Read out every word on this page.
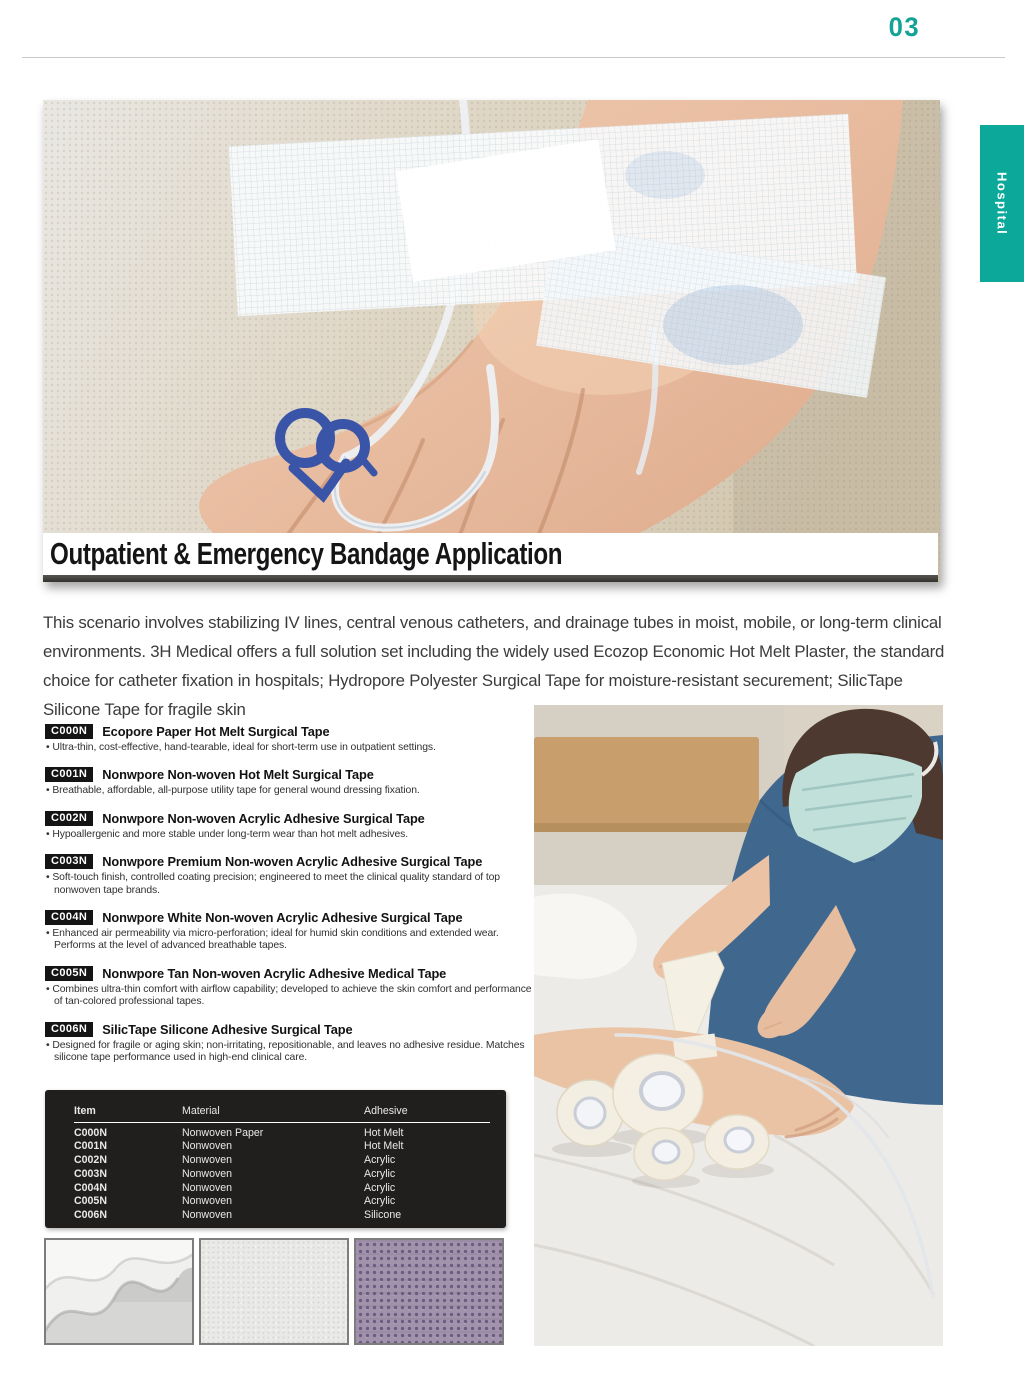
03
Hospital
Outpatient & Emergency Bandage Application

This scenario involves stabilizing IV lines, central venous catheters, and drainage tubes in moist, mobile, or long-term clinical environments. 3H Medical offers a full solution set including the widely used Ecozop Economic Hot Melt Plaster, the standard choice for catheter fixation in hospitals; Hydropore Polyester Surgical Tape for moisture-resistant securement; SilicTape Silicone Tape for fragile skin

C000N	Ecopore Paper Hot Melt Surgical Tape
• Ultra-thin, cost-effective, hand-tearable, ideal for short-term use in outpatient settings.
C001N	Nonwpore Non-woven Hot Melt Surgical Tape
• Breathable, affordable, all-purpose utility tape for general wound dressing fixation.
C002N	Nonwpore Non-woven Acrylic Adhesive Surgical Tape
• Hypoallergenic and more stable under long-term wear than hot melt adhesives.
C003N	Nonwpore Premium Non-woven Acrylic Adhesive Surgical Tape
• Soft-touch finish, controlled coating precision; engineered to meet the clinical quality standard of top nonwoven tape brands.
C004N	Nonwpore White Non-woven Acrylic Adhesive Surgical Tape
• Enhanced air permeability via micro-perforation; ideal for humid skin conditions and extended wear. Performs at the level of advanced breathable tapes.
C005N	Nonwpore Tan Non-woven Acrylic Adhesive Medical Tape
• Combines ultra-thin comfort with airflow capability; developed to achieve the skin comfort and performance of tan-colored professional tapes.
C006N	SilicTape Silicone Adhesive Surgical Tape
• Designed for fragile or aging skin; non-irritating, repositionable, and leaves no adhesive residue. Matches silicone tape performance used in high-end clinical care.
Item	Material	Adhesive
C000N	Nonwoven Paper	Hot Melt
C001N	Nonwoven	Hot Melt
C002N	Nonwoven	Acrylic
C003N	Nonwoven	Acrylic
C004N	Nonwoven	Acrylic
C005N	Nonwoven	Acrylic
C006N	Nonwoven	Silicone
